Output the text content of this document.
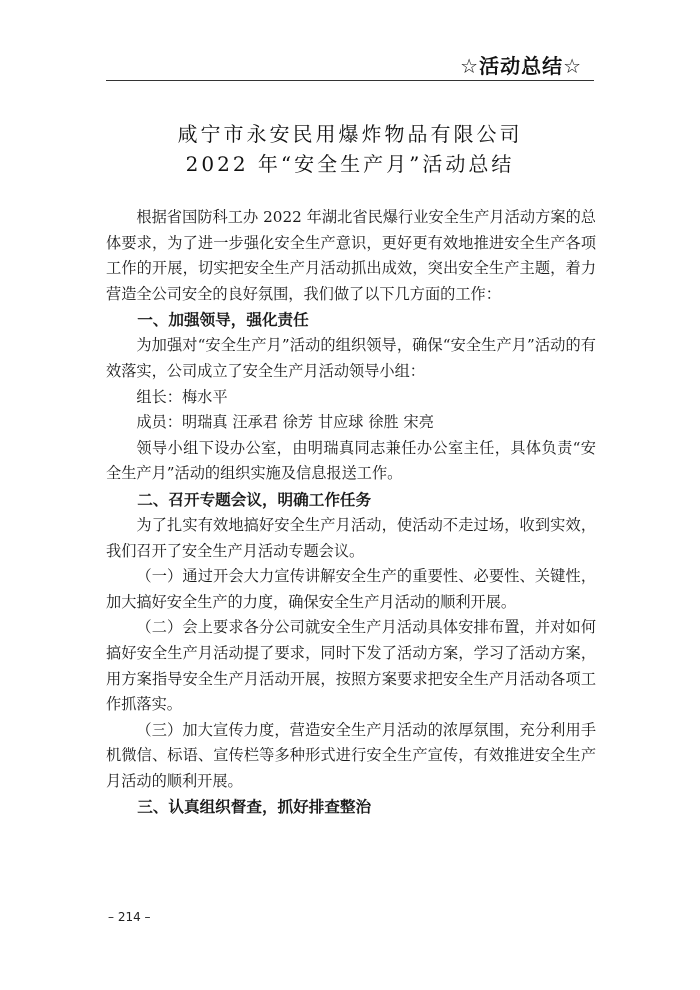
☆活动总结☆
咸宁市永安民用爆炸物品有限公司
2022 年“安全生产月”活动总结

根据省国防科工办 2022 年湖北省民爆行业安全生产月活动方案的总体要求，为了进一步强化安全生产意识，更好更有效地推进安全生产各项工作的开展，切实把安全生产月活动抓出成效，突出安全生产主题，着力营造全公司安全的良好氛围，我们做了以下几方面的工作：

一、加强领导，强化责任

为加强对“安全生产月”活动的组织领导，确保“安全生产月”活动的有效落实，公司成立了安全生产月活动领导小组：

组长：梅水平

成员：明瑞真 汪承君 徐芳 甘应球 徐胜 宋亮

领导小组下设办公室，由明瑞真同志兼任办公室主任，具体负责“安全生产月”活动的组织实施及信息报送工作。

二、召开专题会议，明确工作任务

为了扎实有效地搞好安全生产月活动，使活动不走过场，收到实效，我们召开了安全生产月活动专题会议。

（一）通过开会大力宣传讲解安全生产的重要性、必要性、关键性，加大搞好安全生产的力度，确保安全生产月活动的顺利开展。

（二）会上要求各分公司就安全生产月活动具体安排布置，并对如何搞好安全生产月活动提了要求，同时下发了活动方案，学习了活动方案，用方案指导安全生产月活动开展，按照方案要求把安全生产月活动各项工作抓落实。

（三）加大宣传力度，营造安全生产月活动的浓厚氛围，充分利用手机微信、标语、宣传栏等多种形式进行安全生产宣传，有效推进安全生产月活动的顺利开展。

三、认真组织督查，抓好排查整治
– 214 –
